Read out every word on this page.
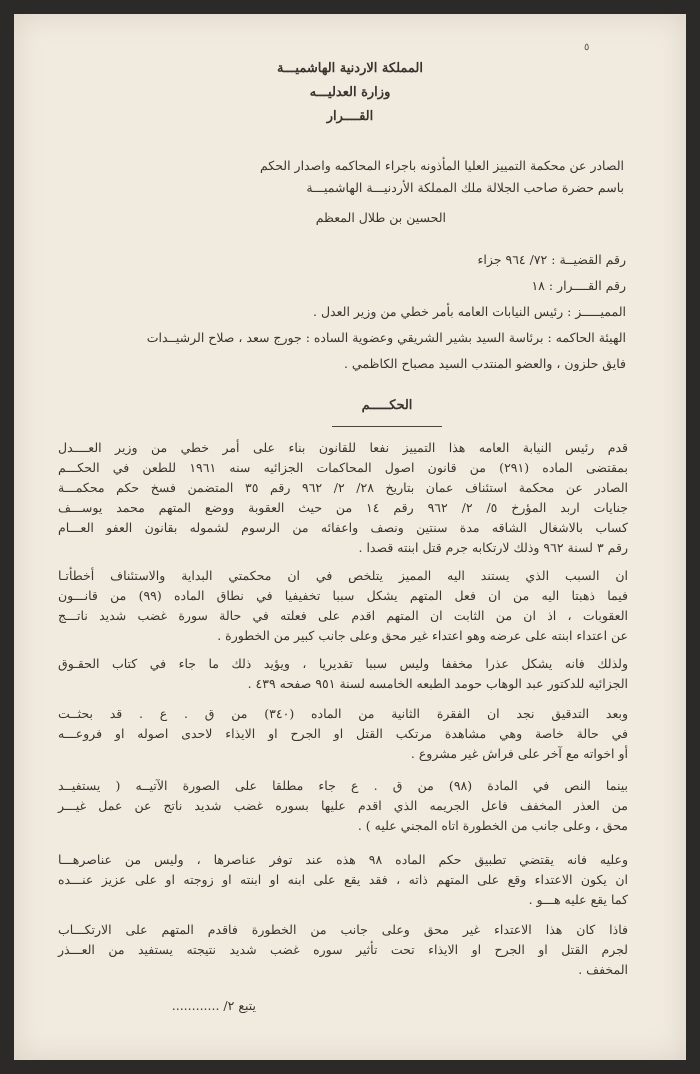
٥
المملكة الاردنية الهاشميـــة
وزارة العدليـــه
القــــرار
الصادر عن محكمة التمييز العليا المأذونه باجراء المحاكمه واصدار الحكم
باسم حضرة صاحب الجلالة ملك المملكة الأردنيـــة الهاشميـــة
الحسين بن طلال المعظم
رقم القضيــة : ٧٢/ ٩٦٤ جزاء
رقم القــــرار : ١٨
المميـــــز : رئيس النيابات العامه بأمر خطي من وزير العدل .
الهيئة الحاكمه : برئاسة السيد بشير الشريقي وعضوية الساده : جورج سعد ، صلاح الرشيــدات
فايق حلزون ، والعضو المنتدب السيد مصباح الكاظمي .
الحكـــــم
قدم رئيس النيابة العامه هذا التمييز نفعا للقانون بناء على أمر خطي من وزير العــــدل
بمقتضى الماده (٢٩١) من قانون اصول المحاكمات الجزائيه سنه ١٩٦١ للطعن في الحكـــم
الصادر عن محكمة استئناف عمان بتاريخ ٢٨/ ٢/ ٩٦٢ رقم ٣٥ المتضمن فسخ حكم محكمـــة
جنايات اربد المؤرخ ٥/ ٢/ ٩٦٢ رقم ١٤ من حيث العقوبة ووضع المتهم محمد يوســـف
كساب بالاشغال الشاقه مدة سنتين ونصف واعفائه من الرسوم لشموله بقانون العفو العـــام
رقم ٣ لسنة ٩٦٢ وذلك لارتكابه جرم قتل ابنته قصدا .
ان السبب الذي يستند اليه المميز يتلخص في ان محكمتي البداية والاستئناف أخطأتـا
فيما ذهبتا اليه من ان فعل المتهم يشكل سببا تخفيفيا في نطاق الماده (٩٩) من قانـــون
العقوبات ، اذ ان من الثابت ان المتهم اقدم على فعلته في حالة سورة غضب شديد ناتـــج
عن اعتداء ابنته على عرضه وهو اعتداء غير محق وعلى جانب كبير من الخطورة .
ولذلك فانه يشكل عذرا مخففا وليس سببا تقديريا ، ويؤيد ذلك ما جاء في كتاب الحقـوق
الجزائيه للدكتور عبد الوهاب حومد الطبعه الخامسه لسنة ٩٥١ صفحه ٤٣٩ .
وبعد التدقيق نجد ان الفقرة الثانية من الماده (٣٤٠) من ق . ع . قد بحثــت
في حالة خاصة وهي مشاهدة مرتكب القتل او الجرح او الايذاء لاحدى اصوله او فروعـــه
أو اخواته مع آخر على فراش غير مشروع .
بينما النص في المادة (٩٨) من ق . ع جاء مطلقا على الصورة الآتيــه ( يستفيــد
من العذر المخفف فاعل الجريمه الذي اقدم عليها بسوره غضب شديد ناتج عن عمل غيـــر
محق ، وعلى جانب من الخطورة اتاه المجني عليه ) .
وعليه فانه يقتضي تطبيق حكم الماده ٩٨ هذه عند توفر عناصرها ، وليس من عناصرهـــا
ان يكون الاعتداء وقع على المتهم ذاته ، فقد يقع على ابنه او ابنته او زوجته او على عزيز عنـــده
كما يقع عليه هـــو .
فاذا كان هذا الاعتداء غير محق وعلى جانب من الخطورة فاقدم المتهم على الارتكـــاب
لجرم القتل او الجرح او الايذاء تحت تأثير سوره غضب شديد نتيجته يستفيد من العـــذر
المخفف .
يتبع ٢/ ............
